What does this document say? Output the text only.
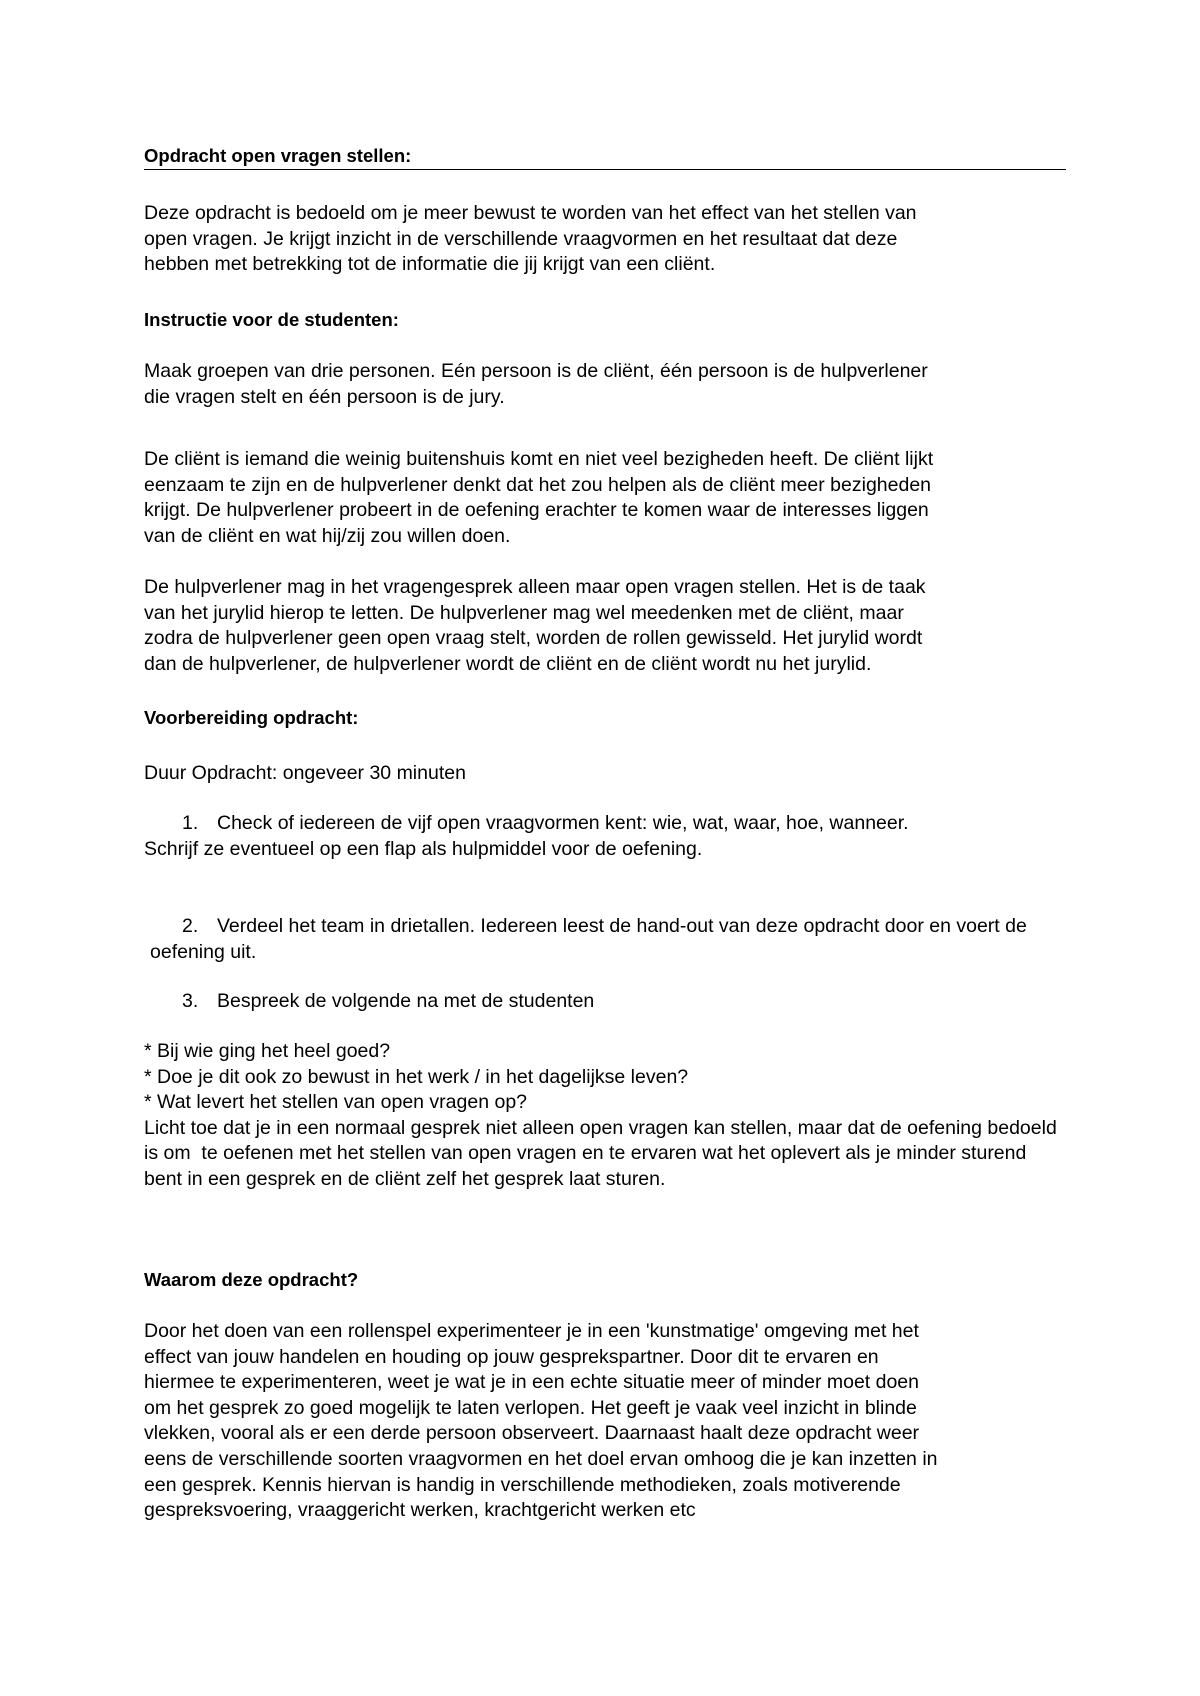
Opdracht open vragen stellen:

Deze opdracht is bedoeld om je meer bewust te worden van het effect van het stellen van
open vragen. Je krijgt inzicht in de verschillende vraagvormen en het resultaat dat deze
hebben met betrekking tot de informatie die jij krijgt van een cliënt.

Instructie voor de studenten:

Maak groepen van drie personen. Eén persoon is de cliënt, één persoon is de hulpverlener
die vragen stelt en één persoon is de jury.

De cliënt is iemand die weinig buitenshuis komt en niet veel bezigheden heeft. De cliënt lijkt
eenzaam te zijn en de hulpverlener denkt dat het zou helpen als de cliënt meer bezigheden
krijgt. De hulpverlener probeert in de oefening erachter te komen waar de interesses liggen
van de cliënt en wat hij/zij zou willen doen.

De hulpverlener mag in het vragengesprek alleen maar open vragen stellen. Het is de taak
van het jurylid hierop te letten. De hulpverlener mag wel meedenken met de cliënt, maar
zodra de hulpverlener geen open vraag stelt, worden de rollen gewisseld. Het jurylid wordt
dan de hulpverlener, de hulpverlener wordt de cliënt en de cliënt wordt nu het jurylid.

Voorbereiding opdracht:

Duur Opdracht: ongeveer 30 minuten

1. Check of iedereen de vijf open vraagvormen kent: wie, wat, waar, hoe, wanneer.
Schrijf ze eventueel op een flap als hulpmiddel voor de oefening.
2. Verdeel het team in drietallen. Iedereen leest de hand-out van deze opdracht door en voert de
oefening uit.
3. Bespreek de volgende na met de studenten

* Bij wie ging het heel goed?
* Doe je dit ook zo bewust in het werk / in het dagelijkse leven?
* Wat levert het stellen van open vragen op?
Licht toe dat je in een normaal gesprek niet alleen open vragen kan stellen, maar dat de oefening bedoeld
is om  te oefenen met het stellen van open vragen en te ervaren wat het oplevert als je minder sturend
bent in een gesprek en de cliënt zelf het gesprek laat sturen.

Waarom deze opdracht?

Door het doen van een rollenspel experimenteer je in een 'kunstmatige' omgeving met het
effect van jouw handelen en houding op jouw gesprekspartner. Door dit te ervaren en
hiermee te experimenteren, weet je wat je in een echte situatie meer of minder moet doen
om het gesprek zo goed mogelijk te laten verlopen. Het geeft je vaak veel inzicht in blinde
vlekken, vooral als er een derde persoon observeert. Daarnaast haalt deze opdracht weer
eens de verschillende soorten vraagvormen en het doel ervan omhoog die je kan inzetten in
een gesprek. Kennis hiervan is handig in verschillende methodieken, zoals motiverende
gespreksvoering, vraaggericht werken, krachtgericht werken etc
